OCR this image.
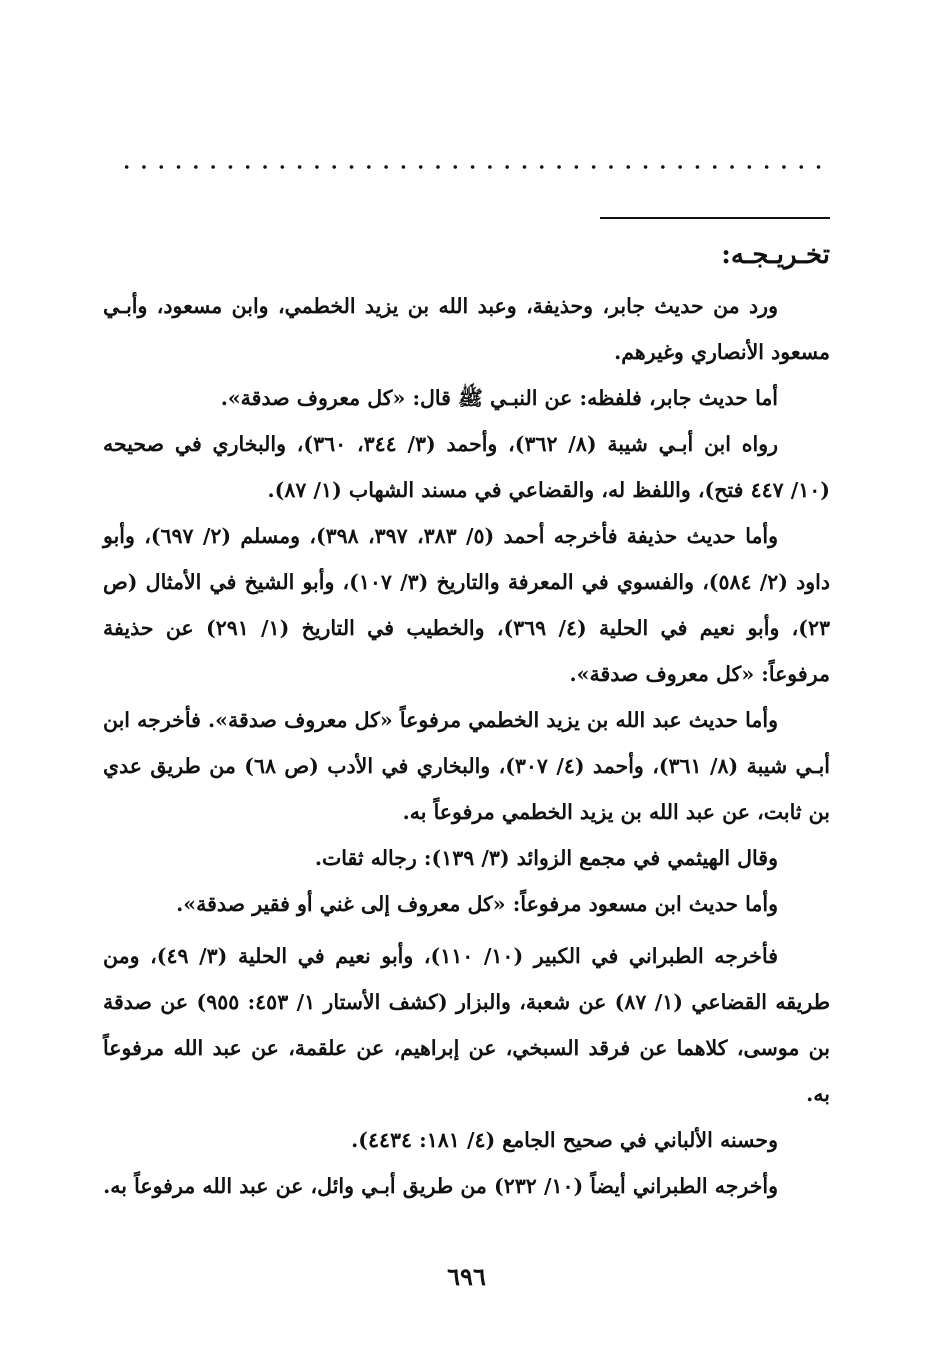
تخـريـجـه:

ورد من حديث جابر، وحذيفة، وعبد الله بن يزيد الخطمي، وابن مسعود، وأبـي مسعود الأنصاري وغيرهم.

أما حديث جابر، فلفظه: عن النبـي ﷺ قال: «كل معروف صدقة».

رواه ابن أبـي شيبة (٨/ ٣٦٢)، وأحمد (٣/ ٣٤٤، ٣٦٠)، والبخاري في صحيحه (١٠/ ٤٤٧ فتح)، واللفظ له، والقضاعي في مسند الشهاب (١/ ٨٧).

وأما حديث حذيفة فأخرجه أحمد (٥/ ٣٨٣، ٣٩٧، ٣٩٨)، ومسلم (٢/ ٦٩٧)، وأبو داود (٢/ ٥٨٤)، والفسوي في المعرفة والتاريخ (٣/ ١٠٧)، وأبو الشيخ في الأمثال (ص ٢٣)، وأبو نعيم في الحلية (٤/ ٣٦٩)، والخطيب في التاريخ (١/ ٢٩١) عن حذيفة مرفوعاً: «كل معروف صدقة».

وأما حديث عبد الله بن يزيد الخطمي مرفوعاً «كل معروف صدقة». فأخرجه ابن أبـي شيبة (٨/ ٣٦١)، وأحمد (٤/ ٣٠٧)، والبخاري في الأدب (ص ٦٨) من طريق عدي بن ثابت، عن عبد الله بن يزيد الخطمي مرفوعاً به.

وقال الهيثمي في مجمع الزوائد (٣/ ١٣٩): رجاله ثقات.

وأما حديث ابن مسعود مرفوعاً: «كل معروف إلى غني أو فقير صدقة».

فأخرجه الطبراني في الكبير (١٠/ ١١٠)، وأبو نعيم في الحلية (٣/ ٤٩)، ومن طريقه القضاعي (١/ ٨٧) عن شعبة، والبزار (كشف الأستار ١/ ٤٥٣: ٩٥٥) عن صدقة بن موسى، كلاهما عن فرقد السبخي، عن إبراهيم، عن علقمة، عن عبد الله مرفوعاً به.

وحسنه الألباني في صحيح الجامع (٤/ ١٨١: ٤٤٣٤).

وأخرجه الطبراني أيضاً (١٠/ ٢٣٢) من طريق أبـي وائل، عن عبد الله مرفوعاً به.

٦٩٦
